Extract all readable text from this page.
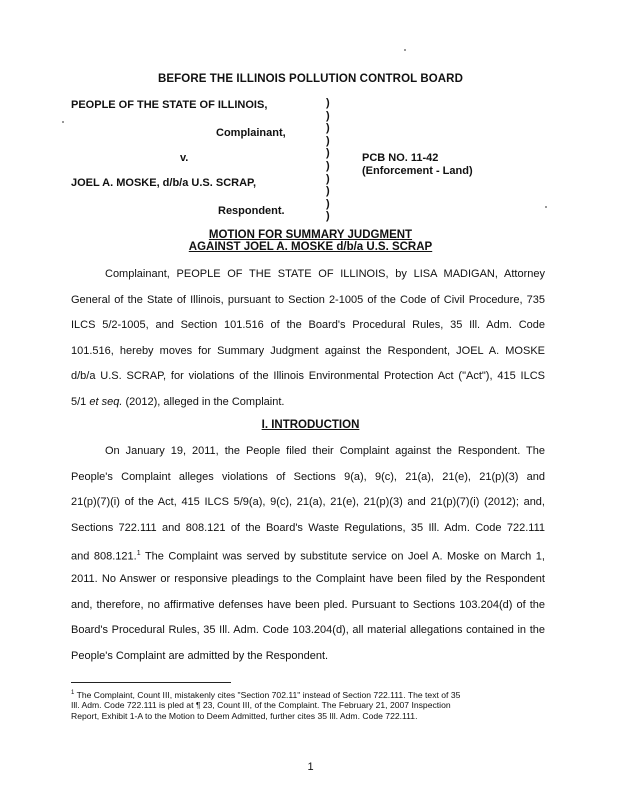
BEFORE THE ILLINOIS POLLUTION CONTROL BOARD
PEOPLE OF THE STATE OF ILLINOIS,
Complainant,
v.
JOEL A. MOSKE, d/b/a U.S. SCRAP,
Respondent.
)
)
)
)
)
)
)
)
)
)
PCB NO. 11-42
(Enforcement - Land)
MOTION FOR SUMMARY JUDGMENT
AGAINST JOEL A. MOSKE d/b/a U.S. SCRAP
Complainant, PEOPLE OF THE STATE OF ILLINOIS, by LISA MADIGAN, Attorney
General of the State of Illinois, pursuant to Section 2-1005 of the Code of Civil Procedure, 735
ILCS 5/2-1005, and Section 101.516 of the Board's Procedural Rules, 35 Ill. Adm. Code
101.516, hereby moves for Summary Judgment against the Respondent, JOEL A. MOSKE
d/b/a U.S. SCRAP, for violations of the Illinois Environmental Protection Act ("Act"), 415 ILCS
5/1 et seq. (2012), alleged in the Complaint.
I. INTRODUCTION
On January 19, 2011, the People filed their Complaint against the Respondent. The
People's Complaint alleges violations of Sections 9(a), 9(c), 21(a), 21(e), 21(p)(3) and
21(p)(7)(i) of the Act, 415 ILCS 5/9(a), 9(c), 21(a), 21(e), 21(p)(3) and 21(p)(7)(i) (2012); and,
Sections 722.111 and 808.121 of the Board's Waste Regulations, 35 Ill. Adm. Code 722.111
and 808.121.$^1$ The Complaint was served by substitute service on Joel A. Moske on March 1,
2011. No Answer or responsive pleadings to the Complaint have been filed by the Respondent
and, therefore, no affirmative defenses have been pled. Pursuant to Sections 103.204(d) of the
Board's Procedural Rules, 35 Ill. Adm. Code 103.204(d), all material allegations contained in the
People's Complaint are admitted by the Respondent.
$^1$ The Complaint, Count III, mistakenly cites "Section 702.11" instead of Section 722.111. The text of 35
Ill. Adm. Code 722.111 is pled at ¶ 23, Count III, of the Complaint. The February 21, 2007 Inspection
Report, Exhibit 1-A to the Motion to Deem Admitted, further cites 35 Ill. Adm. Code 722.111.
1
